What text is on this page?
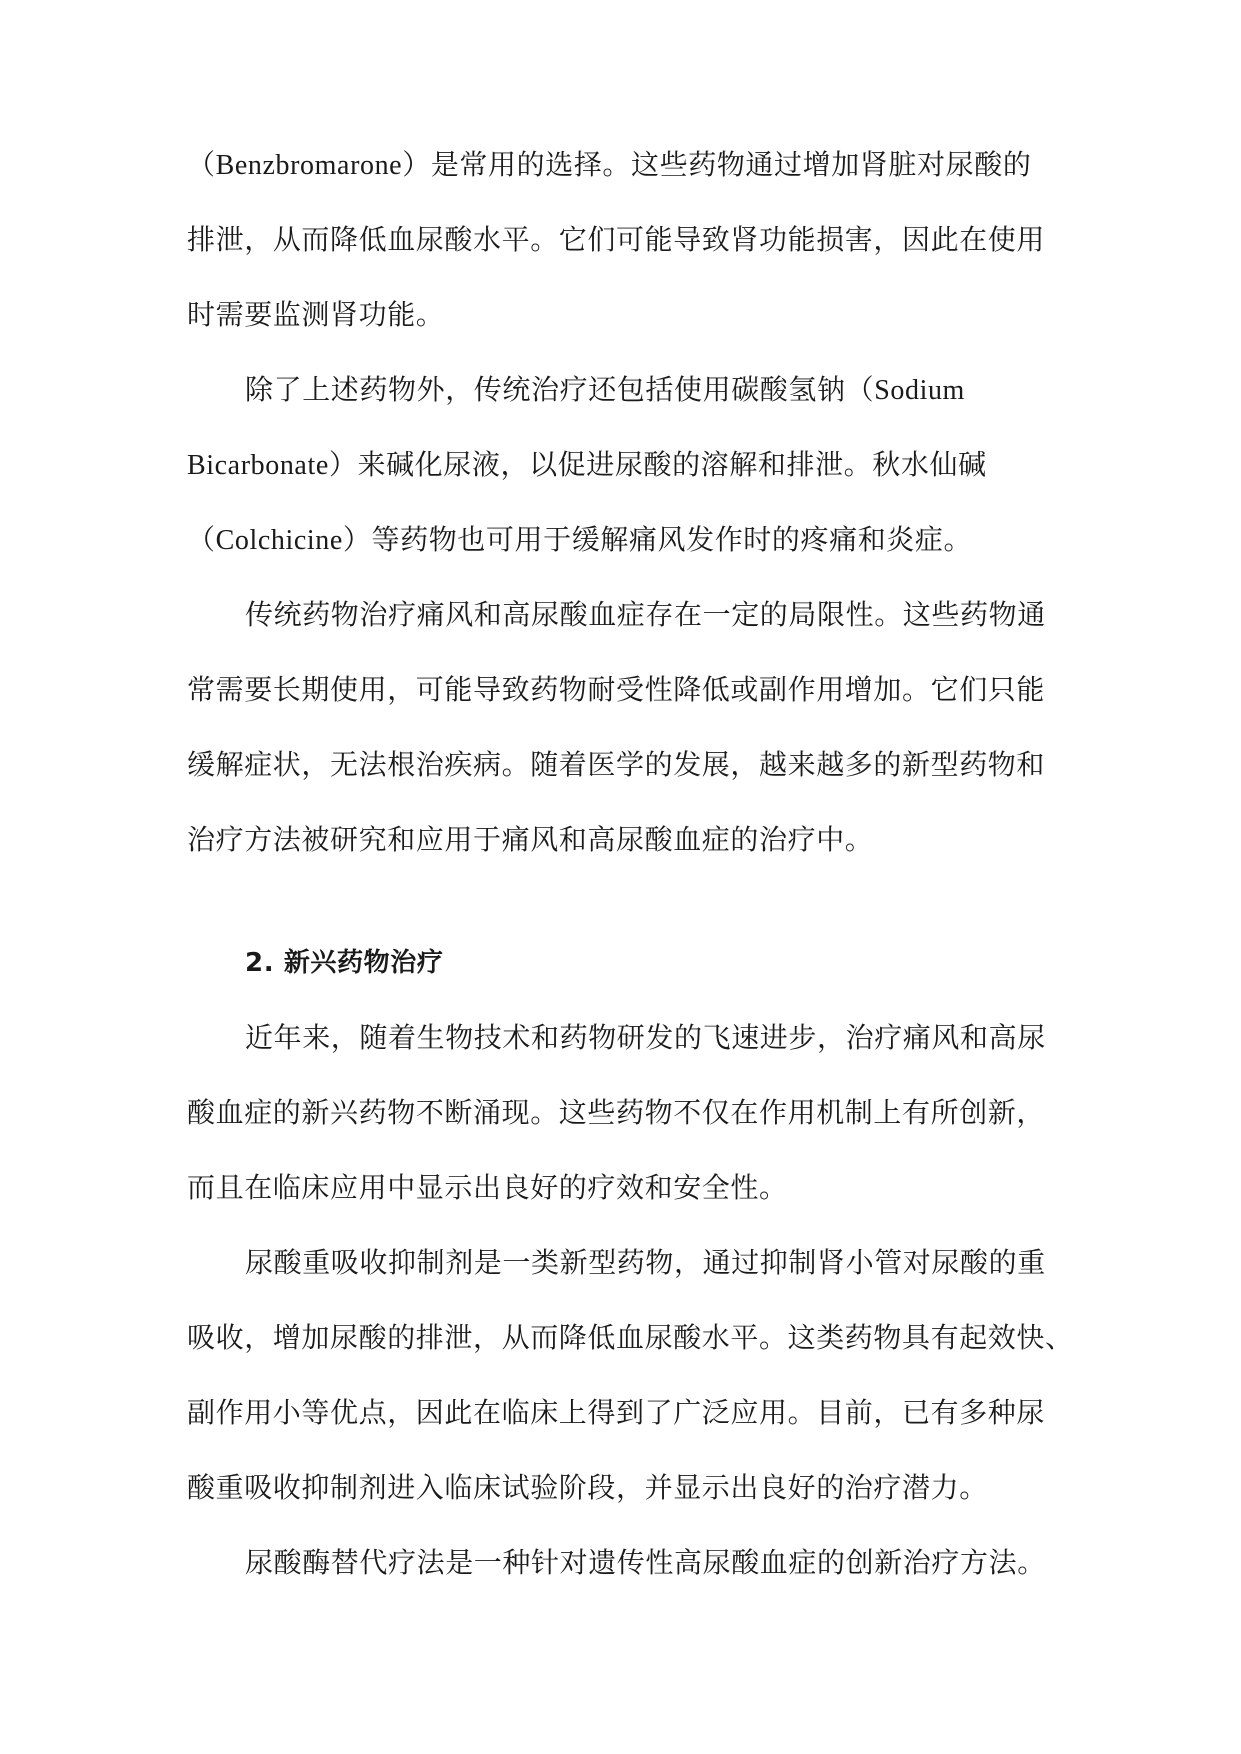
（Benzbromarone）是常用的选择。这些药物通过增加肾脏对尿酸的
排泄，从而降低血尿酸水平。它们可能导致肾功能损害，因此在使用
时需要监测肾功能。
除了上述药物外，传统治疗还包括使用碳酸氢钠（Sodium
Bicarbonate）来碱化尿液，以促进尿酸的溶解和排泄。秋水仙碱
（Colchicine）等药物也可用于缓解痛风发作时的疼痛和炎症。
传统药物治疗痛风和高尿酸血症存在一定的局限性。这些药物通
常需要长期使用，可能导致药物耐受性降低或副作用增加。它们只能
缓解症状，无法根治疾病。随着医学的发展，越来越多的新型药物和
治疗方法被研究和应用于痛风和高尿酸血症的治疗中。
2. 新兴药物治疗
近年来，随着生物技术和药物研发的飞速进步，治疗痛风和高尿
酸血症的新兴药物不断涌现。这些药物不仅在作用机制上有所创新，
而且在临床应用中显示出良好的疗效和安全性。
尿酸重吸收抑制剂是一类新型药物，通过抑制肾小管对尿酸的重
吸收，增加尿酸的排泄，从而降低血尿酸水平。这类药物具有起效快、
副作用小等优点，因此在临床上得到了广泛应用。目前，已有多种尿
酸重吸收抑制剂进入临床试验阶段，并显示出良好的治疗潜力。
尿酸酶替代疗法是一种针对遗传性高尿酸血症的创新治疗方法。
